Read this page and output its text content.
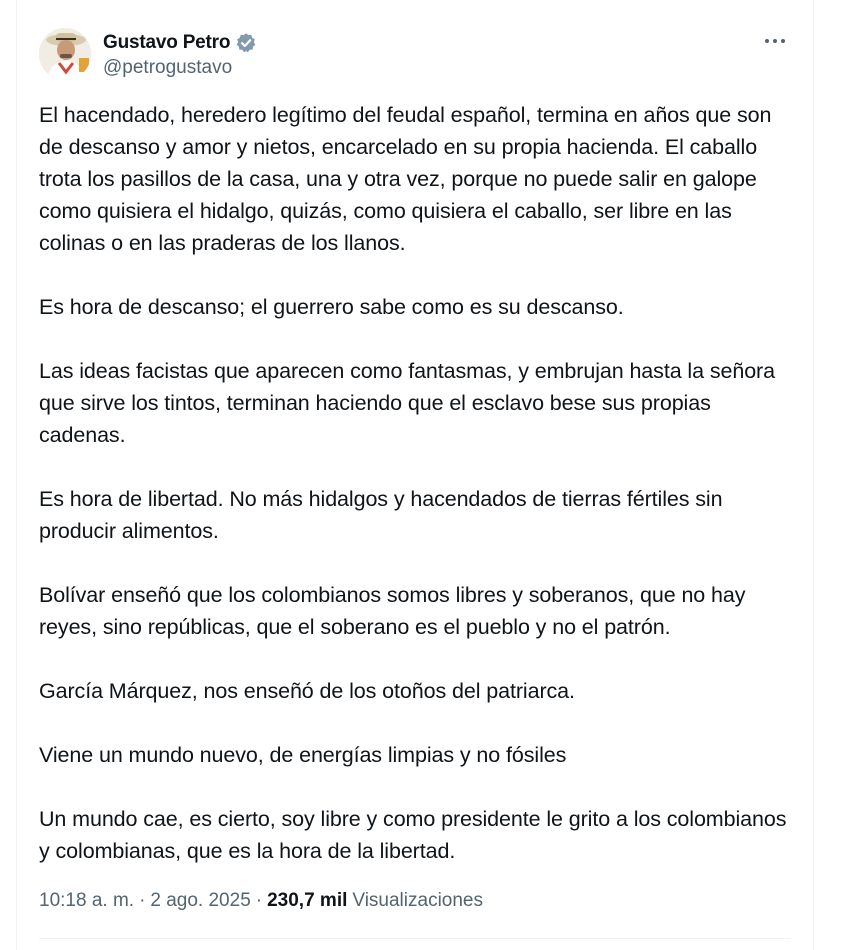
Gustavo Petro
@petrogustavo

El hacendado, heredero legítimo del feudal español, termina en años que son de descanso y amor y nietos, encarcelado en su propia hacienda. El caballo trota los pasillos de la casa, una y otra vez, porque no puede salir en galope como quisiera el hidalgo, quizás, como quisiera el caballo, ser libre en las colinas o en las praderas de los llanos.

Es hora de descanso; el guerrero sabe como es su descanso.

Las ideas facistas que aparecen como fantasmas, y embrujan hasta la señora que sirve los tintos, terminan haciendo que el esclavo bese sus propias cadenas.

Es hora de libertad. No más hidalgos y hacendados de tierras fértiles sin producir alimentos.

Bolívar enseñó que los colombianos somos libres y soberanos, que no hay reyes, sino repúblicas, que el soberano es el pueblo y no el patrón.

García Márquez, nos enseñó de los otoños del patriarca.

Viene un mundo nuevo, de energías limpias y no fósiles

Un mundo cae, es cierto, soy libre y como presidente le grito a los colombianos y colombianas, que es la hora de la libertad.

10:18 a. m. · 2 ago. 2025 · 230,7 mil Visualizaciones
